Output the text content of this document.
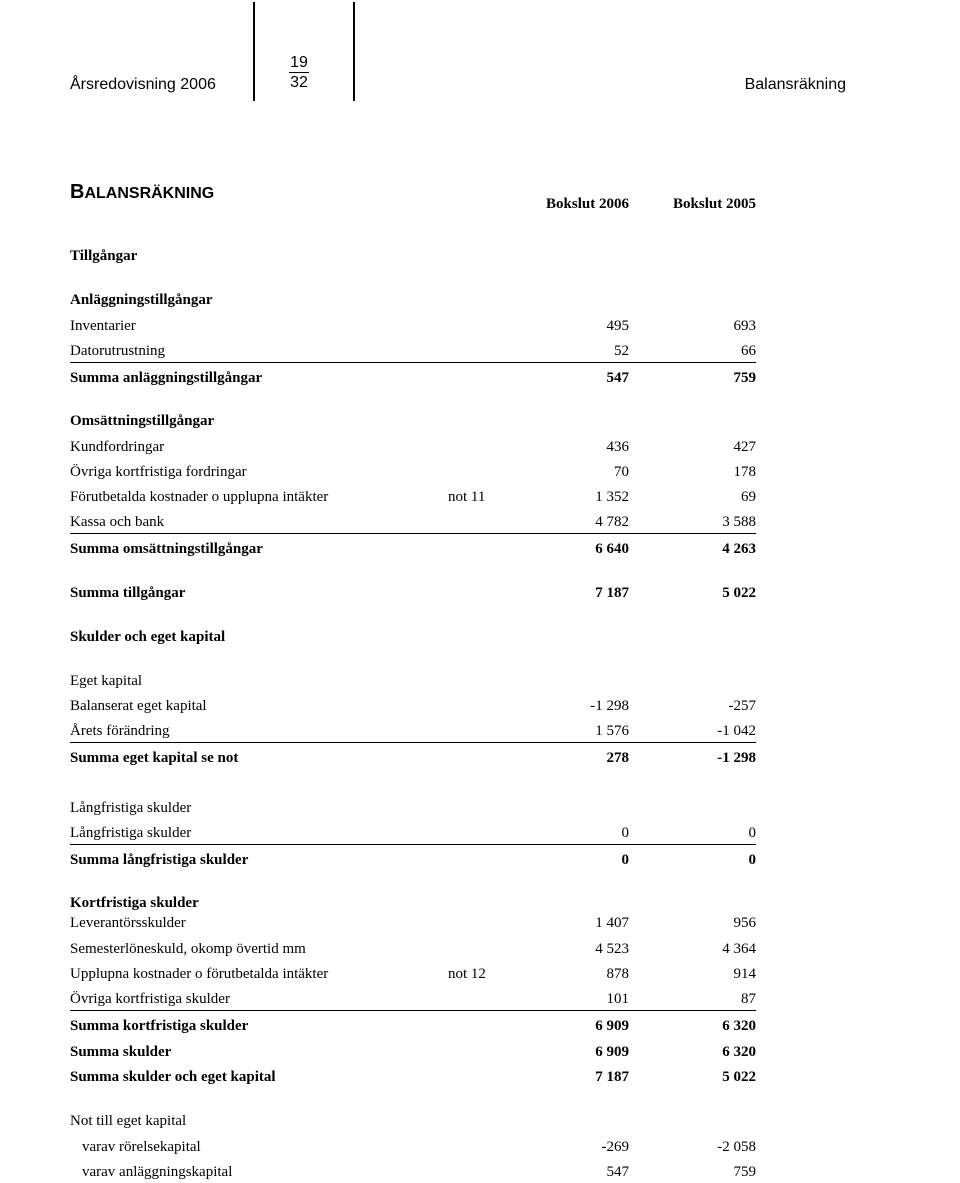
Årsredovisning 2006
19
32	Balansräkning
BALANSRÄKNING
Bokslut 2006	Bokslut 2005
Tillgångar
Anläggningstillgångar
Inventarier	495	693
Datorutrustning	52	66
Summa anläggningstillgångar	547	759
Omsättningstillgångar
Kundfordringar	436	427
Övriga kortfristiga fordringar	70	178
Förutbetalda kostnader o upplupna intäkter	not 11	1 352	69
Kassa och bank	4 782	3 588
Summa omsättningstillgångar	6 640	4 263
Summa tillgångar	7 187	5 022
Skulder och eget kapital
Eget kapital
Balanserat eget kapital	-1 298	-257
Årets förändring	1 576	-1 042
Summa eget kapital se not	278	-1 298
Långfristiga skulder
Långfristiga skulder	0	0
Summa långfristiga skulder	0	0
Kortfristiga skulder
Leverantörsskulder	1 407	956
Semesterlöneskuld, okomp övertid mm	4 523	4 364
Upplupna kostnader o förutbetalda intäkter	not 12	878	914
Övriga kortfristiga skulder	101	87
Summa kortfristiga skulder	6 909	6 320
Summa skulder	6 909	6 320
Summa skulder och eget kapital	7 187	5 022
Not till eget kapital
varav rörelsekapital	-269	-2 058
varav anläggningskapital	547	759
